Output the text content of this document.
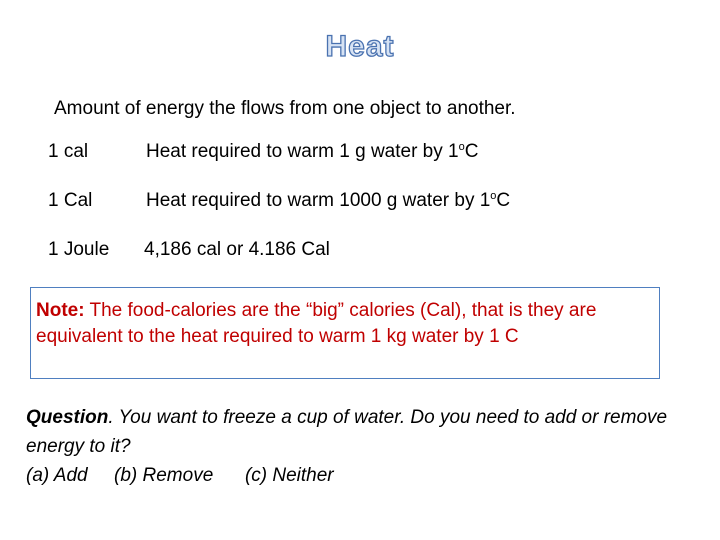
Heat
Amount of energy the flows from one object to another.
1 cal	Heat required to warm 1 g water by 1$^o$C
1 Cal	Heat required to warm 1000 g water by 1$^o$C
1 Joule 4,186 cal or 4.186 Cal
Note: The food-calories are the “big” calories (Cal), that is they are equivalent to the heat required to warm 1 kg water by 1 C
Question. You want to freeze a cup of water. Do you need to add or remove energy to it?
(a) Add (b) Remove (c) Neither
